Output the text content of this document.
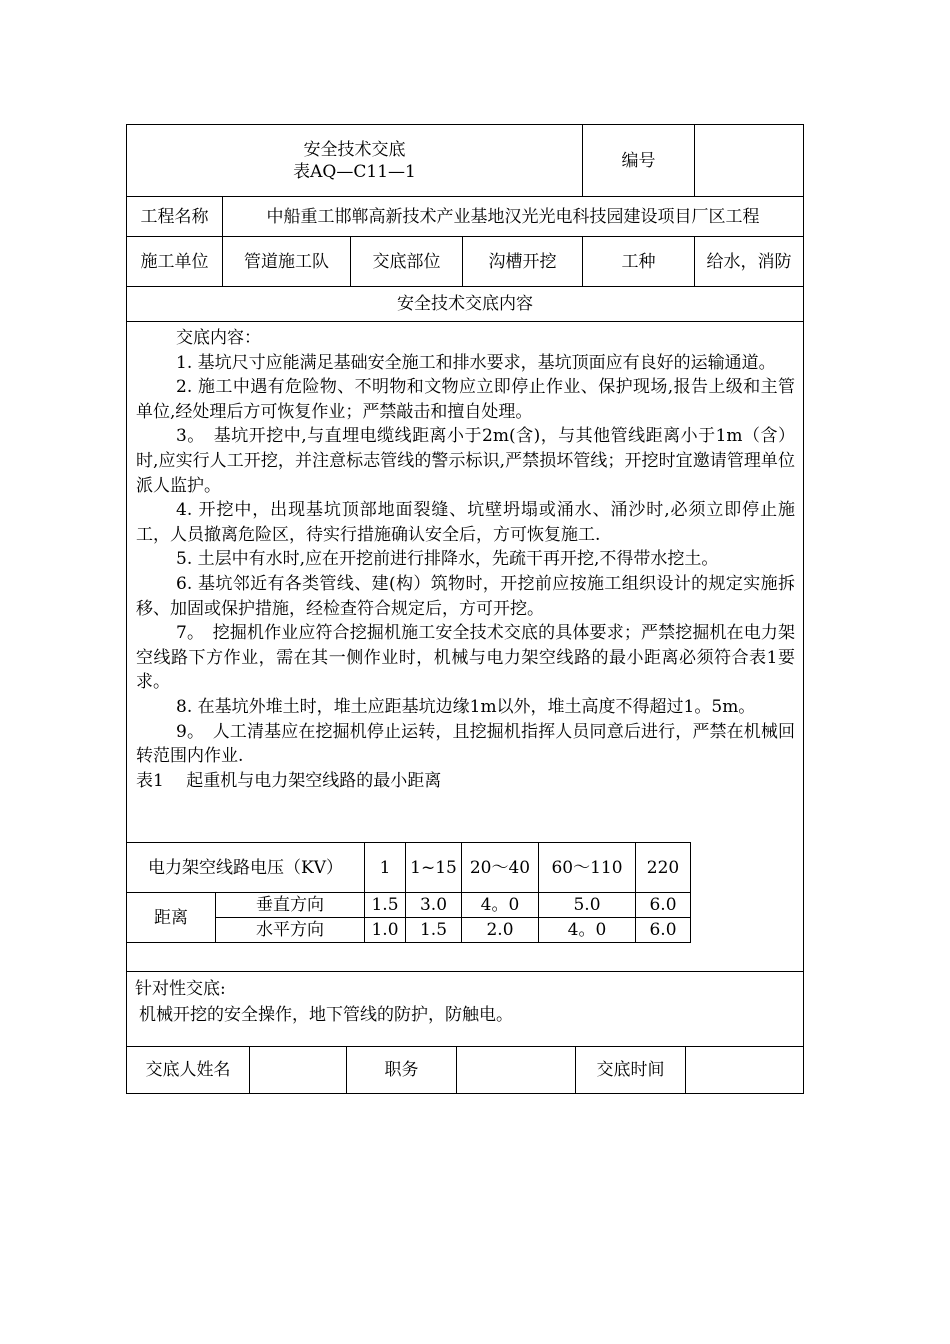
安全技术交底
表AQ—C11—1
编号
工程名称	中船重工邯郸高新技术产业基地汉光光电科技园建设项目厂区工程
施工单位	管道施工队	交底部位	沟槽开挖	工种	给水，消防
安全技术交底内容

交底内容：

1. 基坑尺寸应能满足基础安全施工和排水要求，基坑顶面应有良好的运输通道。

2. 施工中遇有危险物、不明物和文物应立即停止作业、保护现场,报告上级和主管单位,经处理后方可恢复作业；严禁敲击和擅自处理。

3。　基坑开挖中,与直埋电缆线距离小于2m(含)，与其他管线距离小于1m（含）时,应实行人工开挖，并注意标志管线的警示标识,严禁损坏管线；开挖时宜邀请管理单位派人监护。

4. 开挖中，出现基坑顶部地面裂缝、坑壁坍塌或涌水、涌沙时,必须立即停止施工，人员撤离危险区，待实行措施确认安全后，方可恢复施工.

5. 土层中有水时,应在开挖前进行排降水，先疏干再开挖,不得带水挖土。

6. 基坑邻近有各类管线、建(构）筑物时，开挖前应按施工组织设计的规定实施拆移、加固或保护措施，经检查符合规定后，方可开挖。

7。　挖掘机作业应符合挖掘机施工安全技术交底的具体要求；严禁挖掘机在电力架空线路下方作业，需在其一侧作业时，机械与电力架空线路的最小距离必须符合表1要求。

8. 在基坑外堆土时，堆土应距基坑边缘1m以外，堆土高度不得超过1。5m。

9。　人工清基应在挖掘机停止运转，且挖掘机指挥人员同意后进行，严禁在机械回转范围内作业.

表1　 起重机与电力架空线路的最小距离

电力架空线路电压（KV）		1	1~15	20～40	60～110	220
距离	垂直方向	1.5	3.0	4。0	5.0	6.0
	水平方向	1.0	1.5	2.0	4。0	6.0

针对性交底:

机械开挖的安全操作，地下管线的防护，防触电。

交底人姓名	职务	交底时间
